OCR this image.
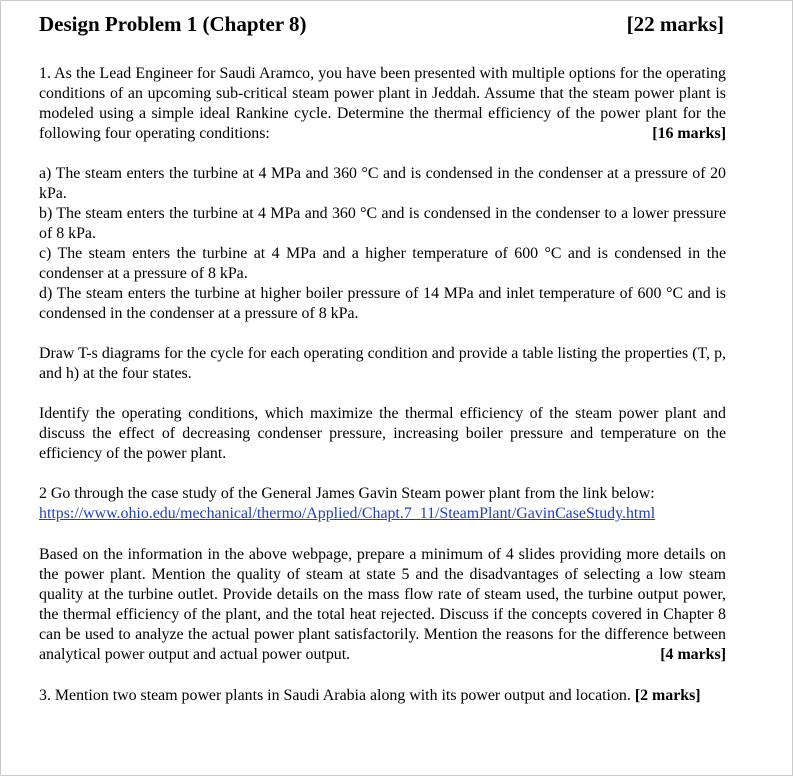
Design Problem 1 (Chapter 8)	[22 marks]

1. As the Lead Engineer for Saudi Aramco, you have been presented with multiple options for the operating conditions of an upcoming sub-critical steam power plant in Jeddah. Assume that the steam power plant is modeled using a simple ideal Rankine cycle. Determine the thermal efficiency of the power plant for the following four operating conditions:	[16 marks]

a) The steam enters the turbine at 4 MPa and 360 °C and is condensed in the condenser at a pressure of 20 kPa.

b) The steam enters the turbine at 4 MPa and 360 °C and is condensed in the condenser to a lower pressure of 8 kPa.

c) The steam enters the turbine at 4 MPa and a higher temperature of 600 °C and is condensed in the condenser at a pressure of 8 kPa.

d) The steam enters the turbine at higher boiler pressure of 14 MPa and inlet temperature of 600 °C and is condensed in the condenser at a pressure of 8 kPa.

Draw T-s diagrams for the cycle for each operating condition and provide a table listing the properties (T, p, and h) at the four states.

Identify the operating conditions, which maximize the thermal efficiency of the steam power plant and discuss the effect of decreasing condenser pressure, increasing boiler pressure and temperature on the efficiency of the power plant.

2 Go through the case study of the General James Gavin Steam power plant from the link below:

https://www.ohio.edu/mechanical/thermo/Applied/Chapt.7_11/SteamPlant/GavinCaseStudy.html

Based on the information in the above webpage, prepare a minimum of 4 slides providing more details on the power plant. Mention the quality of steam at state 5 and the disadvantages of selecting a low steam quality at the turbine outlet. Provide details on the mass flow rate of steam used, the turbine output power, the thermal efficiency of the plant, and the total heat rejected. Discuss if the concepts covered in Chapter 8 can be used to analyze the actual power plant satisfactorily. Mention the reasons for the difference between analytical power output and actual power output.	[4 marks]

3. Mention two steam power plants in Saudi Arabia along with its power output and location. [2 marks]
